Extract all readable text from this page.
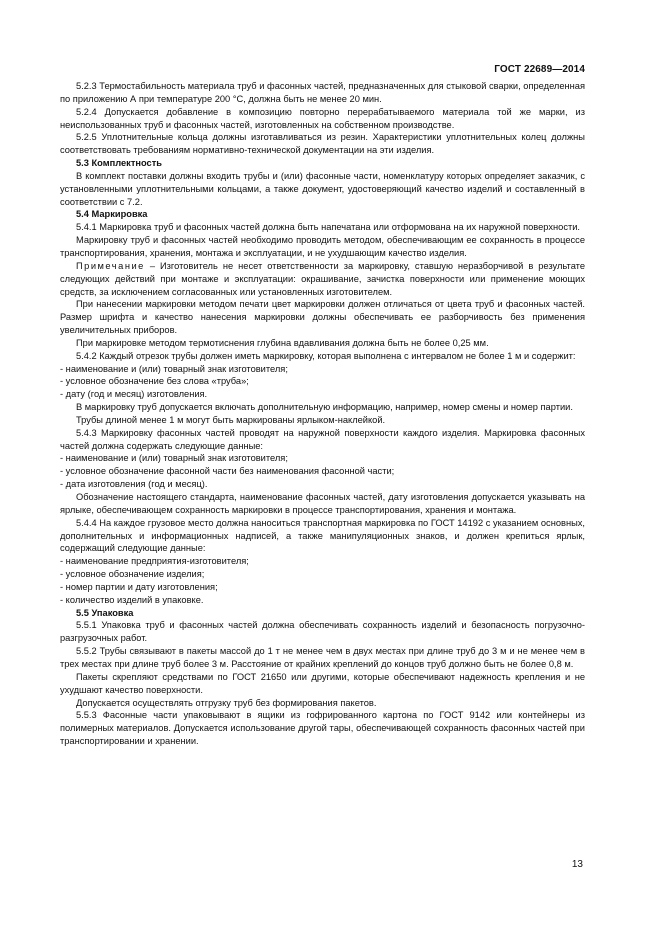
ГОСТ 22689—2014

5.2.3 Термостабильность материала труб и фасонных частей, предназначенных для стыковой сварки, определенная по приложению А при температуре 200 °С, должна быть не менее 20 мин.

5.2.4 Допускается добавление в композицию повторно перерабатываемого материала той же марки, из неиспользованных труб и фасонных частей, изготовленных на собственном производстве.

5.2.5 Уплотнительные кольца должны изготавливаться из резин. Характеристики уплотнительных колец должны соответствовать требованиям нормативно-технической документации на эти изделия.

5.3 Комплектность

В комплект поставки должны входить трубы и (или) фасонные части, номенклатуру которых определяет заказчик, с установленными уплотнительными кольцами, а также документ, удостоверяющий качество изделий и составленный в соответствии с 7.2.

5.4 Маркировка

5.4.1 Маркировка труб и фасонных частей должна быть напечатана или отформована на их наружной поверхности.

Маркировку труб и фасонных частей необходимо проводить методом, обеспечивающим ее сохранность в процессе транспортирования, хранения, монтажа и эксплуатации, и не ухудшающим качество изделия.

Примечание – Изготовитель не несет ответственности за маркировку, ставшую неразборчивой в результате следующих действий при монтаже и эксплуатации: окрашивание, зачистка поверхности или применение моющих средств, за исключением согласованных или установленных изготовителем.

При нанесении маркировки методом печати цвет маркировки должен отличаться от цвета труб и фасонных частей. Размер шрифта и качество нанесения маркировки должны обеспечивать ее разборчивость без применения увеличительных приборов.

При маркировке методом термотиснения глубина вдавливания должна быть не более 0,25 мм.

5.4.2 Каждый отрезок трубы должен иметь маркировку, которая выполнена с интервалом не более 1 м и содержит:

- наименование и (или) товарный знак изготовителя;

- условное обозначение без слова «труба»;

- дату (год и месяц) изготовления.

В маркировку труб допускается включать дополнительную информацию, например, номер смены и номер партии.

Трубы длиной менее 1 м могут быть маркированы ярлыком-наклейкой.

5.4.3 Маркировку фасонных частей проводят на наружной поверхности каждого изделия. Маркировка фасонных частей должна содержать следующие данные:

- наименование и (или) товарный знак изготовителя;

- условное обозначение фасонной части без наименования фасонной части;

- дата изготовления (год и месяц).

Обозначение настоящего стандарта, наименование фасонных частей, дату изготовления допускается указывать на ярлыке, обеспечивающем сохранность маркировки в процессе транспортирования, хранения и монтажа.

5.4.4 На каждое грузовое место должна наноситься транспортная маркировка по ГОСТ 14192 с указанием основных, дополнительных и информационных надписей, а также манипуляционных знаков, и должен крепиться ярлык, содержащий следующие данные:

- наименование предприятия-изготовителя;

- условное обозначение изделия;

- номер партии и дату изготовления;

- количество изделий в упаковке.

5.5 Упаковка

5.5.1 Упаковка труб и фасонных частей должна обеспечивать сохранность изделий и безопасность погрузочно-разгрузочных работ.

5.5.2 Трубы связывают в пакеты массой до 1 т не менее чем в двух местах при длине труб до 3 м и не менее чем в трех местах при длине труб более 3 м. Расстояние от крайних креплений до концов труб должно быть не более 0,8 м.

Пакеты скрепляют средствами по ГОСТ 21650 или другими, которые обеспечивают надежность крепления и не ухудшают качество поверхности.

Допускается осуществлять отгрузку труб без формирования пакетов.

5.5.3 Фасонные части упаковывают в ящики из гофрированного картона по ГОСТ 9142 или контейнеры из полимерных материалов. Допускается использование другой тары, обеспечивающей сохранность фасонных частей при транспортировании и хранении.

13
